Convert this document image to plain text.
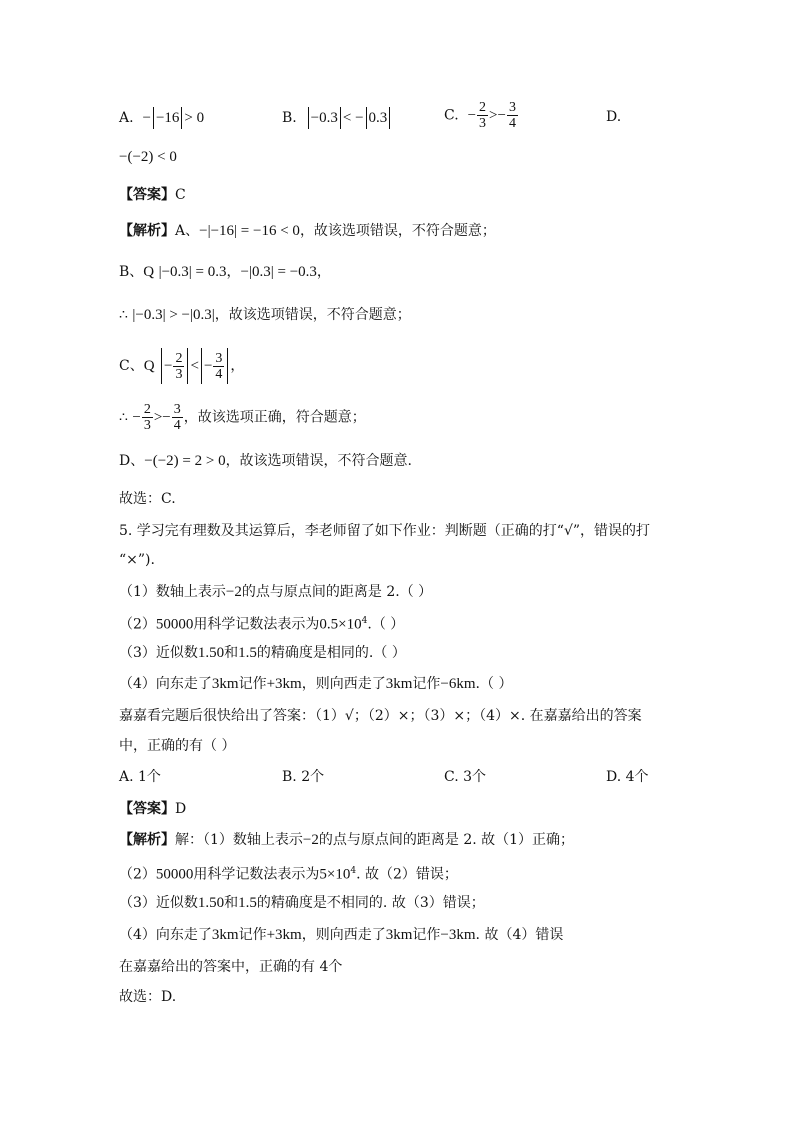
A. − −16 > 0	B. −0.3 < − 0.3	C. − $\frac{2}{3} >- \frac{3}{4}$	D.
−(−2) < 0
【答案】C
【解析】A、−|−16| = −16 < 0，故该选项错误，不符合题意；
B、Q |−0.3| = 0.3，−|0.3| = −0.3，
∴ |−0.3| > −|0.3|，故该选项错误，不符合题意；
C、$Q - \frac{2}{3}$ < − $\frac{3}{4}$ ，
∴ − $\frac{2}{3} >- \frac{3}{4}$ ，故该选项正确，符合题意；
D、−(−2) = 2 > 0，故该选项错误，不符合题意.
故选：C.
5. 学习完有理数及其运算后，李老师留了如下作业：判断题（正确的打“√”，错误的打
“×”).
（1）数轴上表示−2的点与原点间的距离是 2.（ ）
（2）50000用科学记数法表示为$0.5\times 10^4$.（ ）
（3）近似数1.50和1.5的精确度是相同的.（ ）
（4）向东走了3km记作+3km，则向西走了3km记作−6km.（ ）
嘉嘉看完题后很快给出了答案：（1）√；（2）×；（3）×；（4）×. 在嘉嘉给出的答案
中，正确的有（ ）
A. 1个	B. 2个	C. 3个	D. 4个
【答案】D
【解析】解：（1）数轴上表示−2的点与原点间的距离是 2. 故（1）正确；
（2）50000用科学记数法表示为$5\times 10^4$. 故（2）错误；
（3）近似数1.50和1.5的精确度是不相同的. 故（3）错误；
（4）向东走了3km记作+3km，则向西走了3km记作−3km. 故（4）错误
在嘉嘉给出的答案中，正确的有 4个
故选：D.
